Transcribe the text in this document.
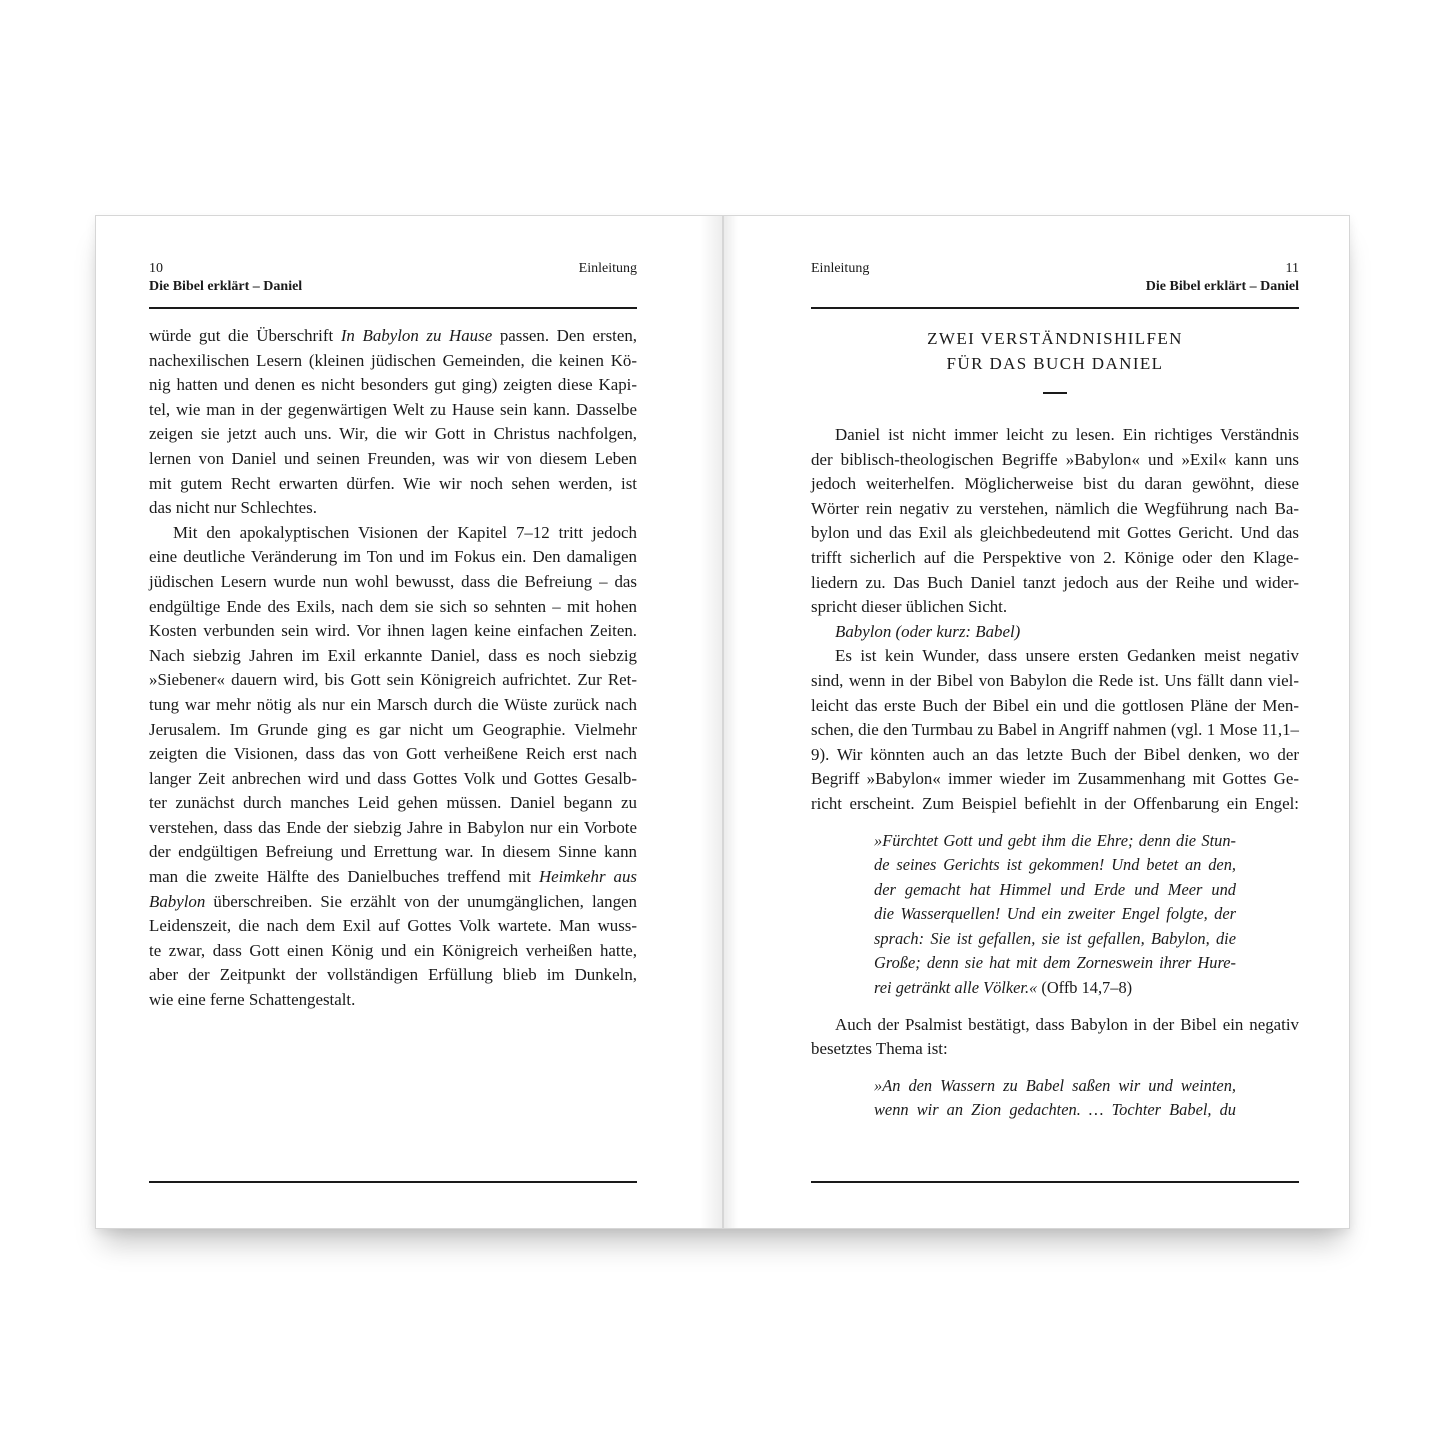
10
Die Bibel erklärt – Daniel
Einleitung
würde gut die Überschrift In Babylon zu Hause passen. Den ersten,
nachexilischen Lesern (kleinen jüdischen Gemeinden, die keinen Kö-
nig hatten und denen es nicht besonders gut ging) zeigten diese Kapi-
tel, wie man in der gegenwärtigen Welt zu Hause sein kann. Dasselbe
zeigen sie jetzt auch uns. Wir, die wir Gott in Christus nachfolgen,
lernen von Daniel und seinen Freunden, was wir von diesem Leben
mit gutem Recht erwarten dürfen. Wie wir noch sehen werden, ist
das nicht nur Schlechtes.
Mit den apokalyptischen Visionen der Kapitel 7–12 tritt jedoch
eine deutliche Veränderung im Ton und im Fokus ein. Den damaligen
jüdischen Lesern wurde nun wohl bewusst, dass die Befreiung – das
endgültige Ende des Exils, nach dem sie sich so sehnten – mit hohen
Kosten verbunden sein wird. Vor ihnen lagen keine einfachen Zeiten.
Nach siebzig Jahren im Exil erkannte Daniel, dass es noch siebzig
»Siebener« dauern wird, bis Gott sein Königreich aufrichtet. Zur Ret-
tung war mehr nötig als nur ein Marsch durch die Wüste zurück nach
Jerusalem. Im Grunde ging es gar nicht um Geographie. Vielmehr
zeigten die Visionen, dass das von Gott verheißene Reich erst nach
langer Zeit anbrechen wird und dass Gottes Volk und Gottes Gesalb-
ter zunächst durch manches Leid gehen müssen. Daniel begann zu
verstehen, dass das Ende der siebzig Jahre in Babylon nur ein Vorbote
der endgültigen Befreiung und Errettung war. In diesem Sinne kann
man die zweite Hälfte des Danielbuches treffend mit Heimkehr aus
Babylon überschreiben. Sie erzählt von der unumgänglichen, langen
Leidenszeit, die nach dem Exil auf Gottes Volk wartete. Man wuss-
te zwar, dass Gott einen König und ein Königreich verheißen hatte,
aber der Zeitpunkt der vollständigen Erfüllung blieb im Dunkeln,
wie eine ferne Schattengestalt.
Einleitung	11
Die Bibel erklärt – Daniel
ZWEI VERSTÄNDNISHILFEN
FÜR DAS BUCH DANIEL
Daniel ist nicht immer leicht zu lesen. Ein richtiges Verständnis
der biblisch-theologischen Begriffe »Babylon« und »Exil« kann uns
jedoch weiterhelfen. Möglicherweise bist du daran gewöhnt, diese
Wörter rein negativ zu verstehen, nämlich die Wegführung nach Ba-
bylon und das Exil als gleichbedeutend mit Gottes Gericht. Und das
trifft sicherlich auf die Perspektive von 2. Könige oder den Klage-
liedern zu. Das Buch Daniel tanzt jedoch aus der Reihe und wider-
spricht dieser üblichen Sicht.
Babylon (oder kurz: Babel)
Es ist kein Wunder, dass unsere ersten Gedanken meist negativ
sind, wenn in der Bibel von Babylon die Rede ist. Uns fällt dann viel-
leicht das erste Buch der Bibel ein und die gottlosen Pläne der Men-
schen, die den Turmbau zu Babel in Angriff nahmen (vgl. 1 Mose 11,1–
9). Wir könnten auch an das letzte Buch der Bibel denken, wo der
Begriff »Babylon« immer wieder im Zusammenhang mit Gottes Ge-
richt erscheint. Zum Beispiel befiehlt in der Offenbarung ein Engel:
»Fürchtet Gott und gebt ihm die Ehre; denn die Stun-
de seines Gerichts ist gekommen! Und betet an den,
der gemacht hat Himmel und Erde und Meer und
die Wasserquellen! Und ein zweiter Engel folgte, der
sprach: Sie ist gefallen, sie ist gefallen, Babylon, die
Große; denn sie hat mit dem Zorneswein ihrer Hure-
rei getränkt alle Völker.« (Offb 14,7–8)
Auch der Psalmist bestätigt, dass Babylon in der Bibel ein negativ
besetztes Thema ist:
»An den Wassern zu Babel saßen wir und weinten,
wenn wir an Zion gedachten. … Tochter Babel, du
